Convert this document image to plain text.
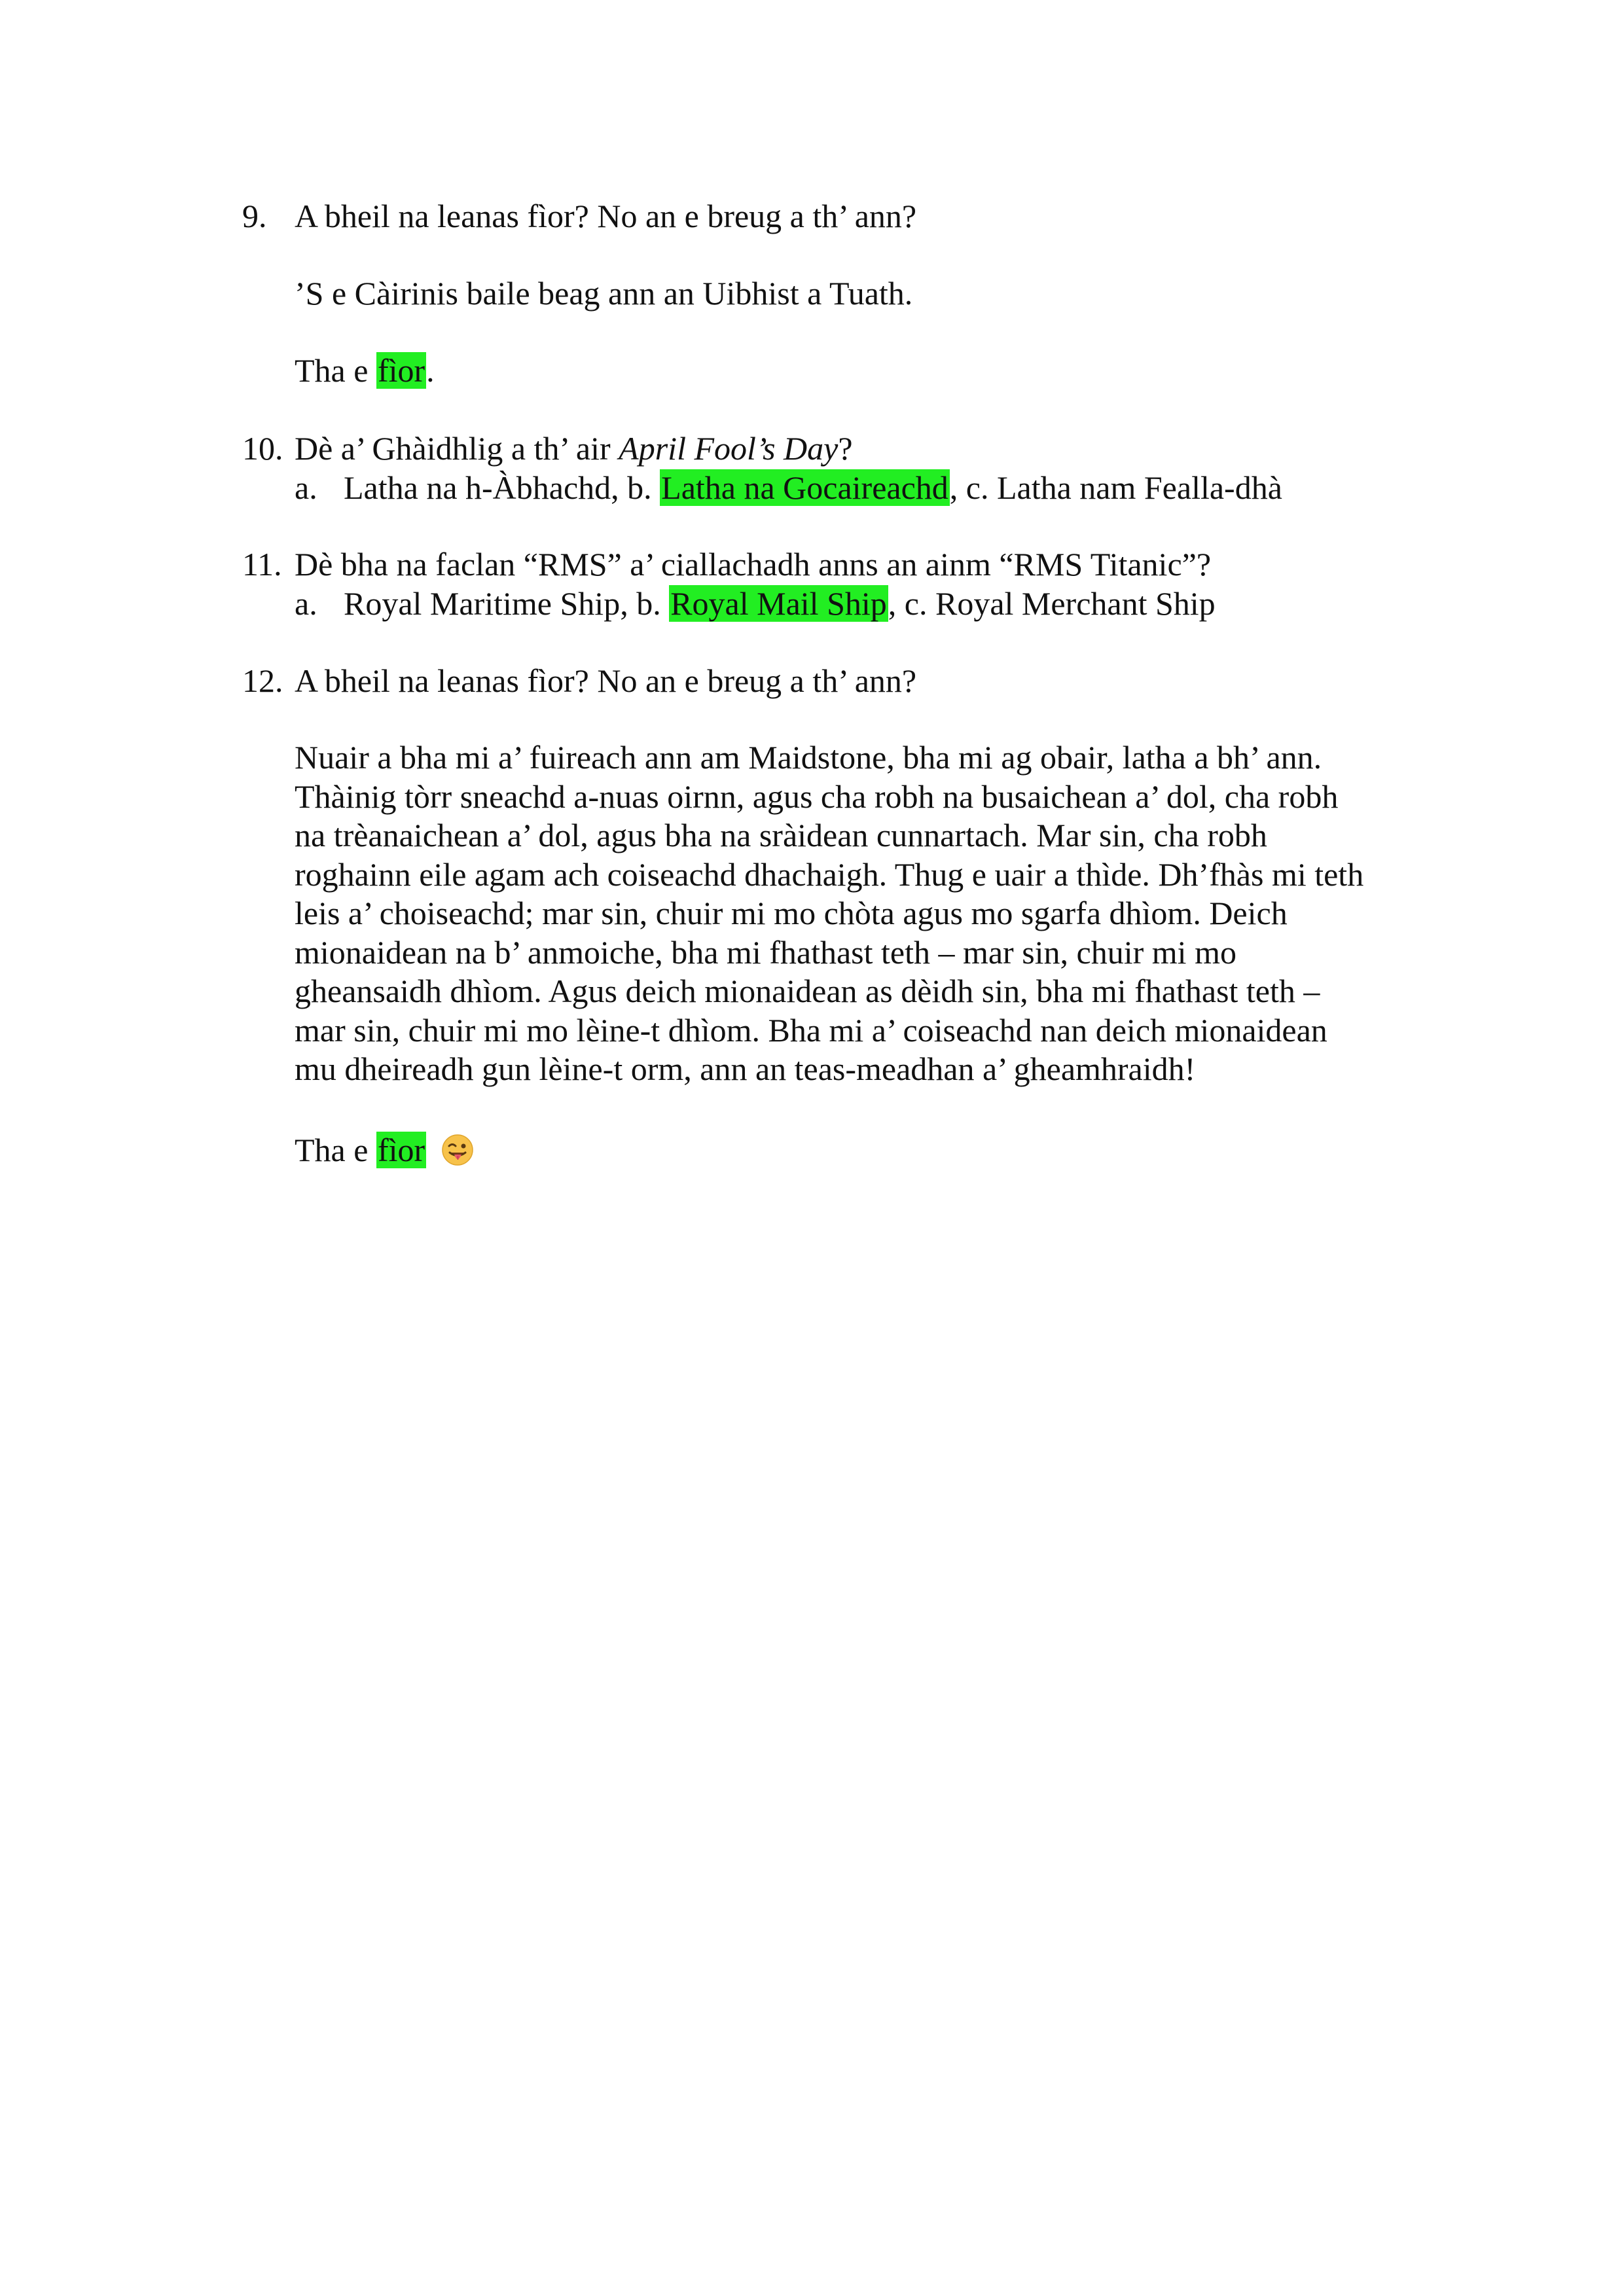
9. A bheil na leanas fìor? No an e breug a th’ ann?
’S e Càirinis baile beag ann an Uibhist a Tuath.
Tha e fìor.
10. Dè a’ Ghàidhlig a th’ air April Fool’s Day?
a. Latha na h-Àbhachd, b. Latha na Gocaireachd, c. Latha nam Fealla-dhà
11. Dè bha na faclan “RMS” a’ ciallachadh anns an ainm “RMS Titanic”?
a. Royal Maritime Ship, b. Royal Mail Ship, c. Royal Merchant Ship
12. A bheil na leanas fìor? No an e breug a th’ ann?

Nuair a bha mi a’ fuireach ann am Maidstone, bha mi ag obair, latha a bh’ ann.

Thàinig tòrr sneachd a-nuas oirnn, agus cha robh na busaichean a’ dol, cha robh

na trèanaichean a’ dol, agus bha na sràidean cunnartach. Mar sin, cha robh

roghainn eile agam ach coiseachd dhachaigh. Thug e uair a thìde. Dh’fhàs mi teth

leis a’ choiseachd; mar sin, chuir mi mo chòta agus mo sgarfa dhìom. Deich

mionaidean na b’ anmoiche, bha mi fhathast teth – mar sin, chuir mi mo

gheansaidh dhìom. Agus deich mionaidean as dèidh sin, bha mi fhathast teth –

mar sin, chuir mi mo lèine-t dhìom. Bha mi a’ coiseachd nan deich mionaidean

mu dheireadh gun lèine-t orm, ann an teas-meadhan a’ gheamhraidh!

Tha e fìor
